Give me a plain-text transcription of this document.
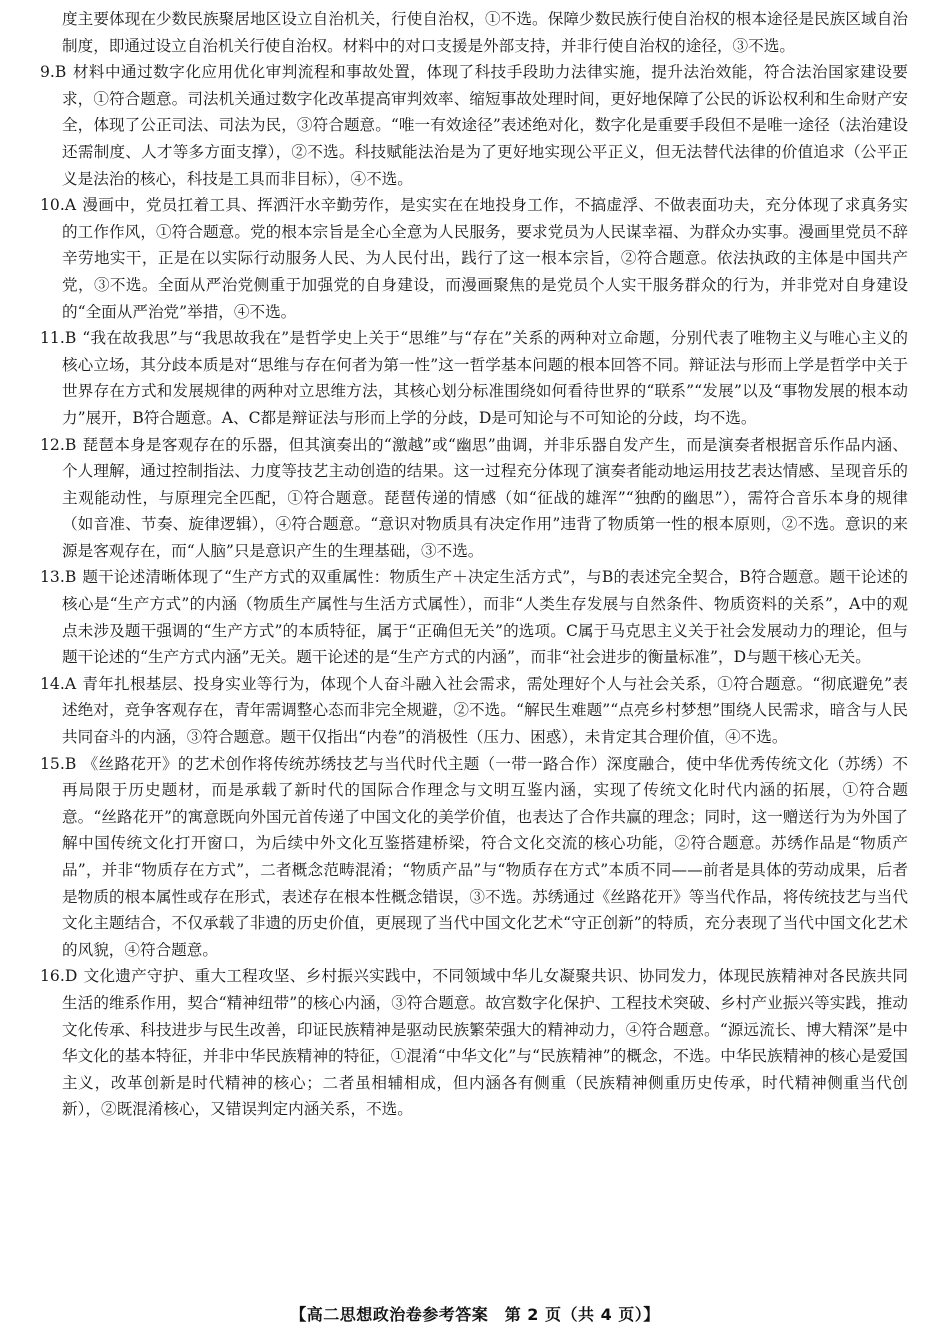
度主要体现在少数民族聚居地区设立自治机关，行使自治权，①不选。保障少数民族行使自治权的根本途径是民族区域自治制度，即通过设立自治机关行使自治权。材料中的对口支援是外部支持，并非行使自治权的途径，③不选。

9.B 材料中通过数字化应用优化审判流程和事故处置，体现了科技手段助力法律实施，提升法治效能，符合法治国家建设要求，①符合题意。司法机关通过数字化改革提高审判效率、缩短事故处理时间，更好地保障了公民的诉讼权利和生命财产安全，体现了公正司法、司法为民，③符合题意。“唯一有效途径”表述绝对化，数字化是重要手段但不是唯一途径（法治建设还需制度、人才等多方面支撑），②不选。科技赋能法治是为了更好地实现公平正义，但无法替代法律的价值追求（公平正义是法治的核心，科技是工具而非目标），④不选。

10.A 漫画中，党员扛着工具、挥洒汗水辛勤劳作，是实实在在地投身工作，不搞虚浮、不做表面功夫，充分体现了求真务实的工作作风，①符合题意。党的根本宗旨是全心全意为人民服务，要求党员为人民谋幸福、为群众办实事。漫画里党员不辞辛劳地实干，正是在以实际行动服务人民、为人民付出，践行了这一根本宗旨，②符合题意。依法执政的主体是中国共产党，③不选。全面从严治党侧重于加强党的自身建设，而漫画聚焦的是党员个人实干服务群众的行为，并非党对自身建设的“全面从严治党”举措，④不选。

11.B “我在故我思”与“我思故我在”是哲学史上关于“思维”与“存在”关系的两种对立命题，分别代表了唯物主义与唯心主义的核心立场，其分歧本质是对“思维与存在何者为第一性”这一哲学基本问题的根本回答不同。辩证法与形而上学是哲学中关于世界存在方式和发展规律的两种对立思维方法，其核心划分标准围绕如何看待世界的“联系”“发展”以及“事物发展的根本动力”展开，B符合题意。A、C都是辩证法与形而上学的分歧，D是可知论与不可知论的分歧，均不选。

12.B 琵琶本身是客观存在的乐器，但其演奏出的“激越”或“幽思”曲调，并非乐器自发产生，而是演奏者根据音乐作品内涵、个人理解，通过控制指法、力度等技艺主动创造的结果。这一过程充分体现了演奏者能动地运用技艺表达情感、呈现音乐的主观能动性，与原理完全匹配，①符合题意。琵琶传递的情感（如“征战的雄浑”“独酌的幽思”），需符合音乐本身的规律（如音准、节奏、旋律逻辑），④符合题意。“意识对物质具有决定作用”违背了物质第一性的根本原则，②不选。意识的来源是客观存在，而“人脑”只是意识产生的生理基础，③不选。

13.B 题干论述清晰体现了“生产方式的双重属性：物质生产＋决定生活方式”，与B的表述完全契合，B符合题意。题干论述的核心是“生产方式”的内涵（物质生产属性与生活方式属性），而非“人类生存发展与自然条件、物质资料的关系”，A中的观点未涉及题干强调的“生产方式”的本质特征，属于“正确但无关”的选项。C属于马克思主义关于社会发展动力的理论，但与题干论述的“生产方式内涵”无关。题干论述的是“生产方式的内涵”，而非“社会进步的衡量标准”，D与题干核心无关。

14.A 青年扎根基层、投身实业等行为，体现个人奋斗融入社会需求，需处理好个人与社会关系，①符合题意。“彻底避免”表述绝对，竞争客观存在，青年需调整心态而非完全规避，②不选。“解民生难题”“点亮乡村梦想”围绕人民需求，暗含与人民共同奋斗的内涵，③符合题意。题干仅指出“内卷”的消极性（压力、困惑），未肯定其合理价值，④不选。

15.B 《丝路花开》的艺术创作将传统苏绣技艺与当代时代主题（一带一路合作）深度融合，使中华优秀传统文化（苏绣）不再局限于历史题材，而是承载了新时代的国际合作理念与文明互鉴内涵，实现了传统文化时代内涵的拓展，①符合题意。“丝路花开”的寓意既向外国元首传递了中国文化的美学价值，也表达了合作共赢的理念；同时，这一赠送行为为外国了解中国传统文化打开窗口，为后续中外文化互鉴搭建桥梁，符合文化交流的核心功能，②符合题意。苏绣作品是“物质产品”，并非“物质存在方式”，二者概念范畴混淆；“物质产品”与“物质存在方式”本质不同——前者是具体的劳动成果，后者是物质的根本属性或存在形式，表述存在根本性概念错误，③不选。苏绣通过《丝路花开》等当代作品，将传统技艺与当代文化主题结合，不仅承载了非遗的历史价值，更展现了当代中国文化艺术“守正创新”的特质，充分表现了当代中国文化艺术的风貌，④符合题意。

16.D 文化遗产守护、重大工程攻坚、乡村振兴实践中，不同领域中华儿女凝聚共识、协同发力，体现民族精神对各民族共同生活的维系作用，契合“精神纽带”的核心内涵，③符合题意。故宫数字化保护、工程技术突破、乡村产业振兴等实践，推动文化传承、科技进步与民生改善，印证民族精神是驱动民族繁荣强大的精神动力，④符合题意。“源远流长、博大精深”是中华文化的基本特征，并非中华民族精神的特征，①混淆“中华文化”与“民族精神”的概念，不选。中华民族精神的核心是爱国主义，改革创新是时代精神的核心；二者虽相辅相成，但内涵各有侧重（民族精神侧重历史传承，时代精神侧重当代创新），②既混淆核心，又错误判定内涵关系，不选。

【高二思想政治卷参考答案　第 2 页（共 4 页）】
